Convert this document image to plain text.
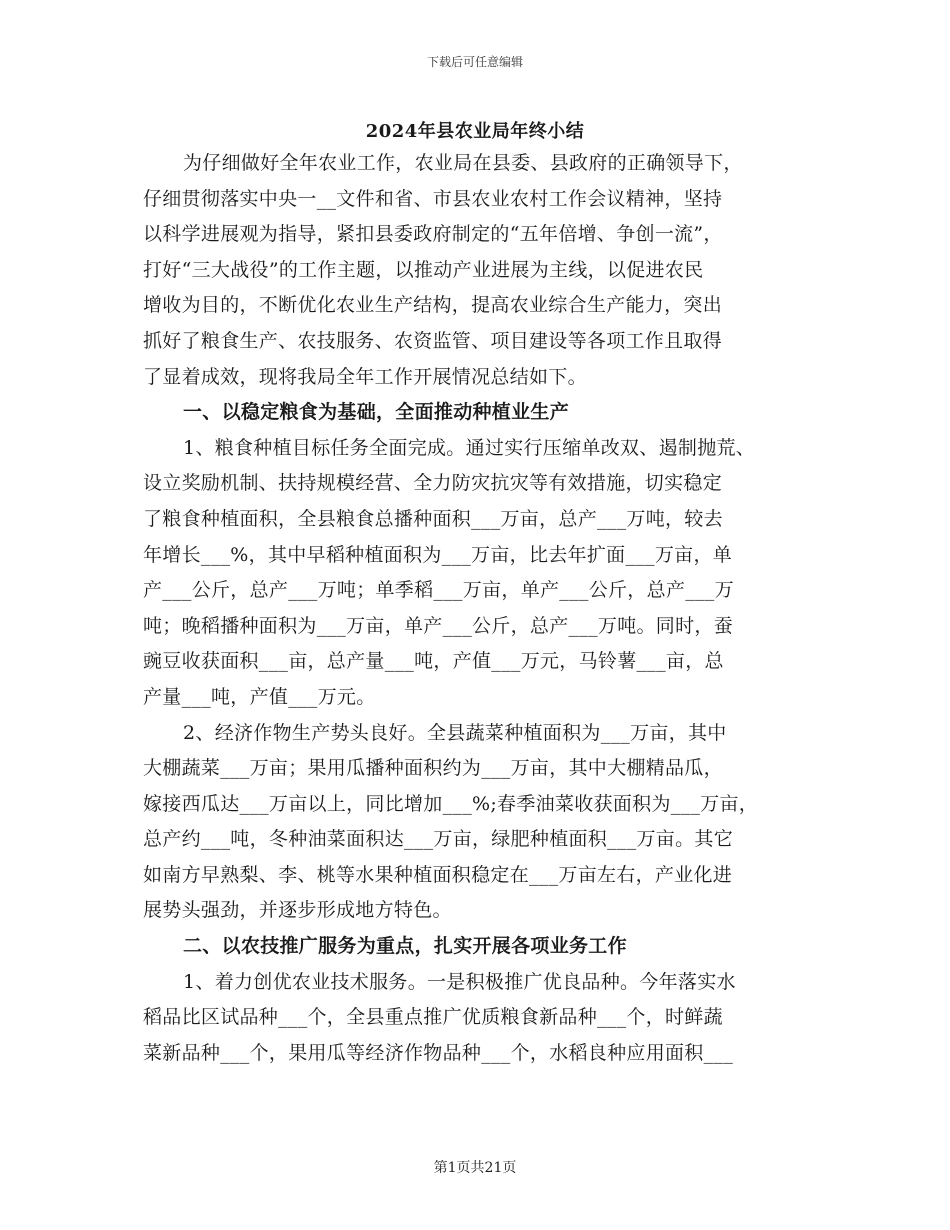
下载后可任意编辑
2024年县农业局年终小结
为仔细做好全年农业工作，农业局在县委、县政府的正确领导下，
仔细贯彻落实中央一__文件和省、市县农业农村工作会议精神，坚持
以科学进展观为指导，紧扣县委政府制定的“五年倍增、争创一流”，
打好“三大战役”的工作主题，以推动产业进展为主线，以促进农民
增收为目的，不断优化农业生产结构，提高农业综合生产能力，突出
抓好了粮食生产、农技服务、农资监管、项目建设等各项工作且取得
了显着成效，现将我局全年工作开展情况总结如下。
一、以稳定粮食为基础，全面推动种植业生产
1、粮食种植目标任务全面完成。通过实行压缩单改双、遏制抛荒、
设立奖励机制、扶持规模经营、全力防灾抗灾等有效措施，切实稳定
了粮食种植面积，全县粮食总播种面积___万亩，总产___万吨，较去
年增长___%，其中早稻种植面积为___万亩，比去年扩面___万亩，单
产___公斤，总产___万吨；单季稻___万亩，单产___公斤，总产___万
吨；晚稻播种面积为___万亩，单产___公斤，总产___万吨。同时，蚕
豌豆收获面积___亩，总产量___吨，产值___万元，马铃薯___亩，总
产量___吨，产值___万元。
2、经济作物生产势头良好。全县蔬菜种植面积为___万亩，其中
大棚蔬菜___万亩；果用瓜播种面积约为___万亩，其中大棚精品瓜，
嫁接西瓜达___万亩以上，同比增加___%;春季油菜收获面积为___万亩，
总产约___吨，冬种油菜面积达___万亩，绿肥种植面积___万亩。其它
如南方早熟梨、李、桃等水果种植面积稳定在___万亩左右，产业化进
展势头强劲，并逐步形成地方特色。
二、以农技推广服务为重点，扎实开展各项业务工作
1、着力创优农业技术服务。一是积极推广优良品种。今年落实水
稻品比区试品种___个，全县重点推广优质粮食新品种___个，时鲜蔬
菜新品种___个，果用瓜等经济作物品种___个，水稻良种应用面积___
第1页共21页
